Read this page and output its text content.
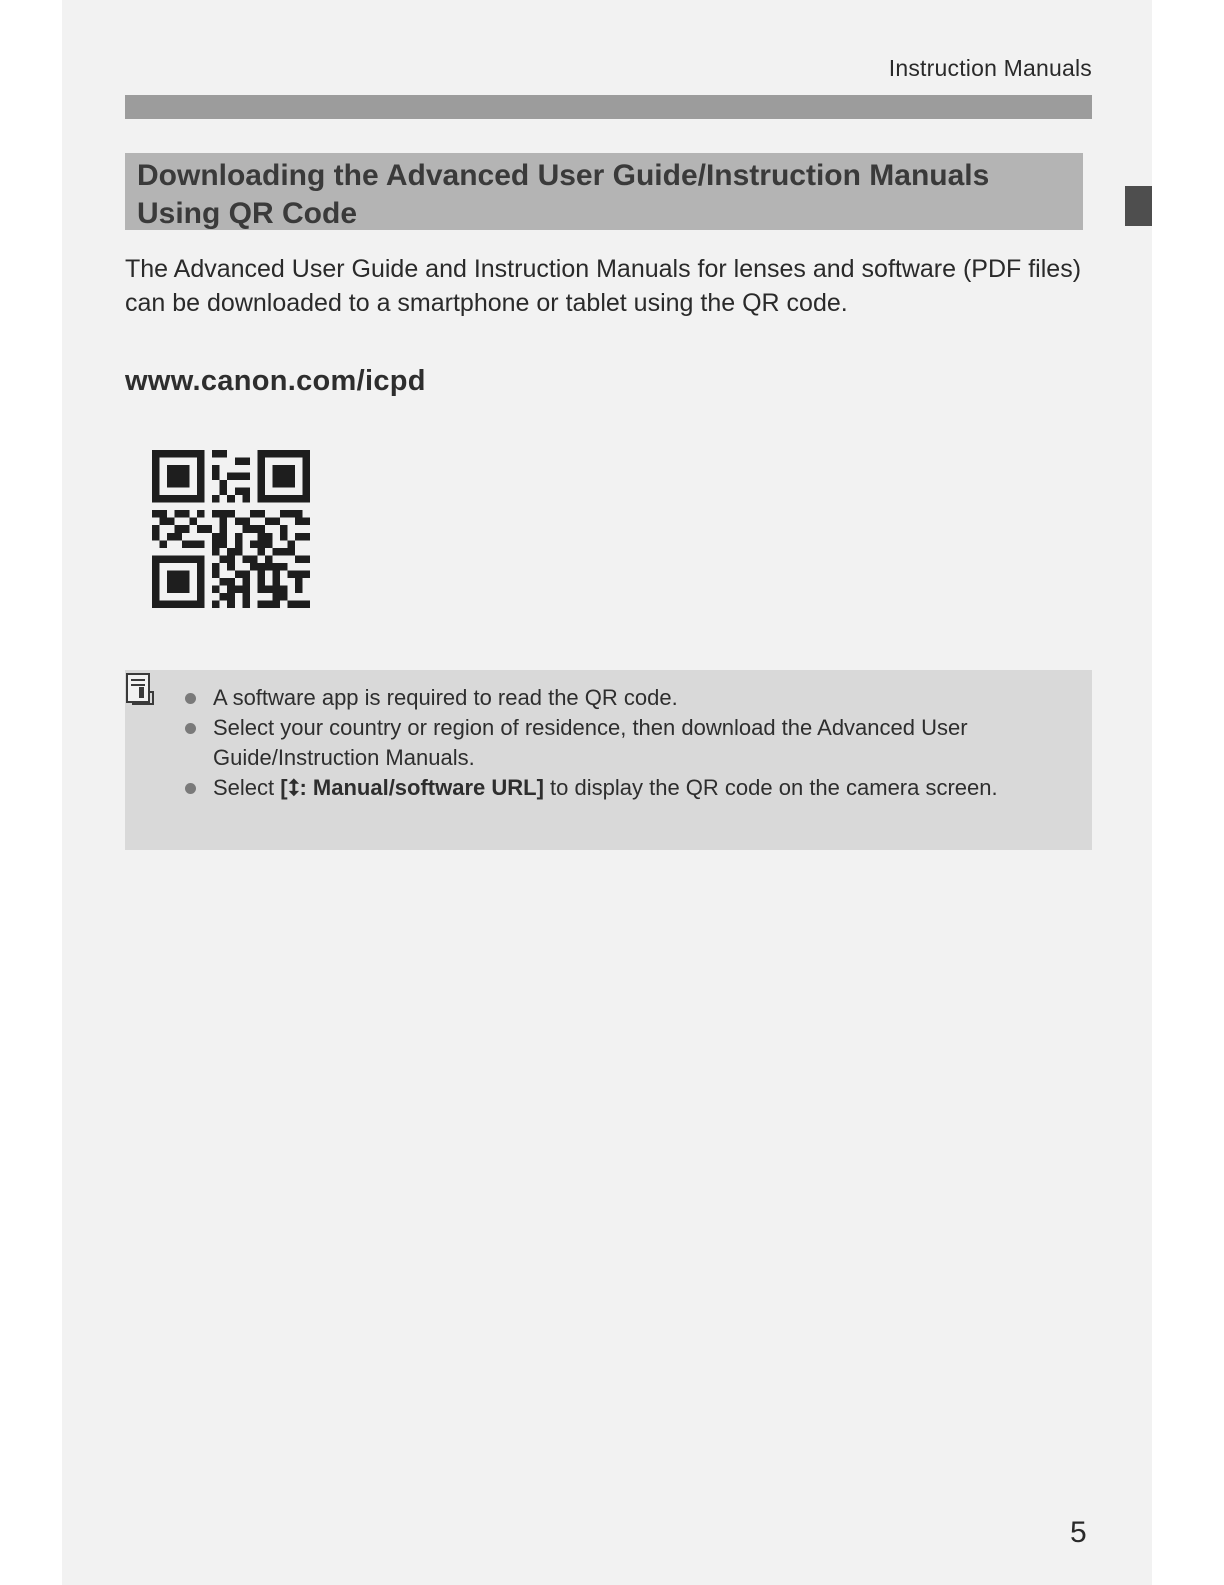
Instruction Manuals
Downloading the Advanced User Guide/Instruction Manuals
Using QR Code

The Advanced User Guide and Instruction Manuals for lenses and software (PDF files) can be downloaded to a smartphone or tablet using the QR code.

www.canon.com/icpd
A software app is required to read the QR code.
Select your country or region of residence, then download the Advanced User Guide/Instruction Manuals.
Select [⭥: Manual/software URL] to display the QR code on the camera screen.
5
